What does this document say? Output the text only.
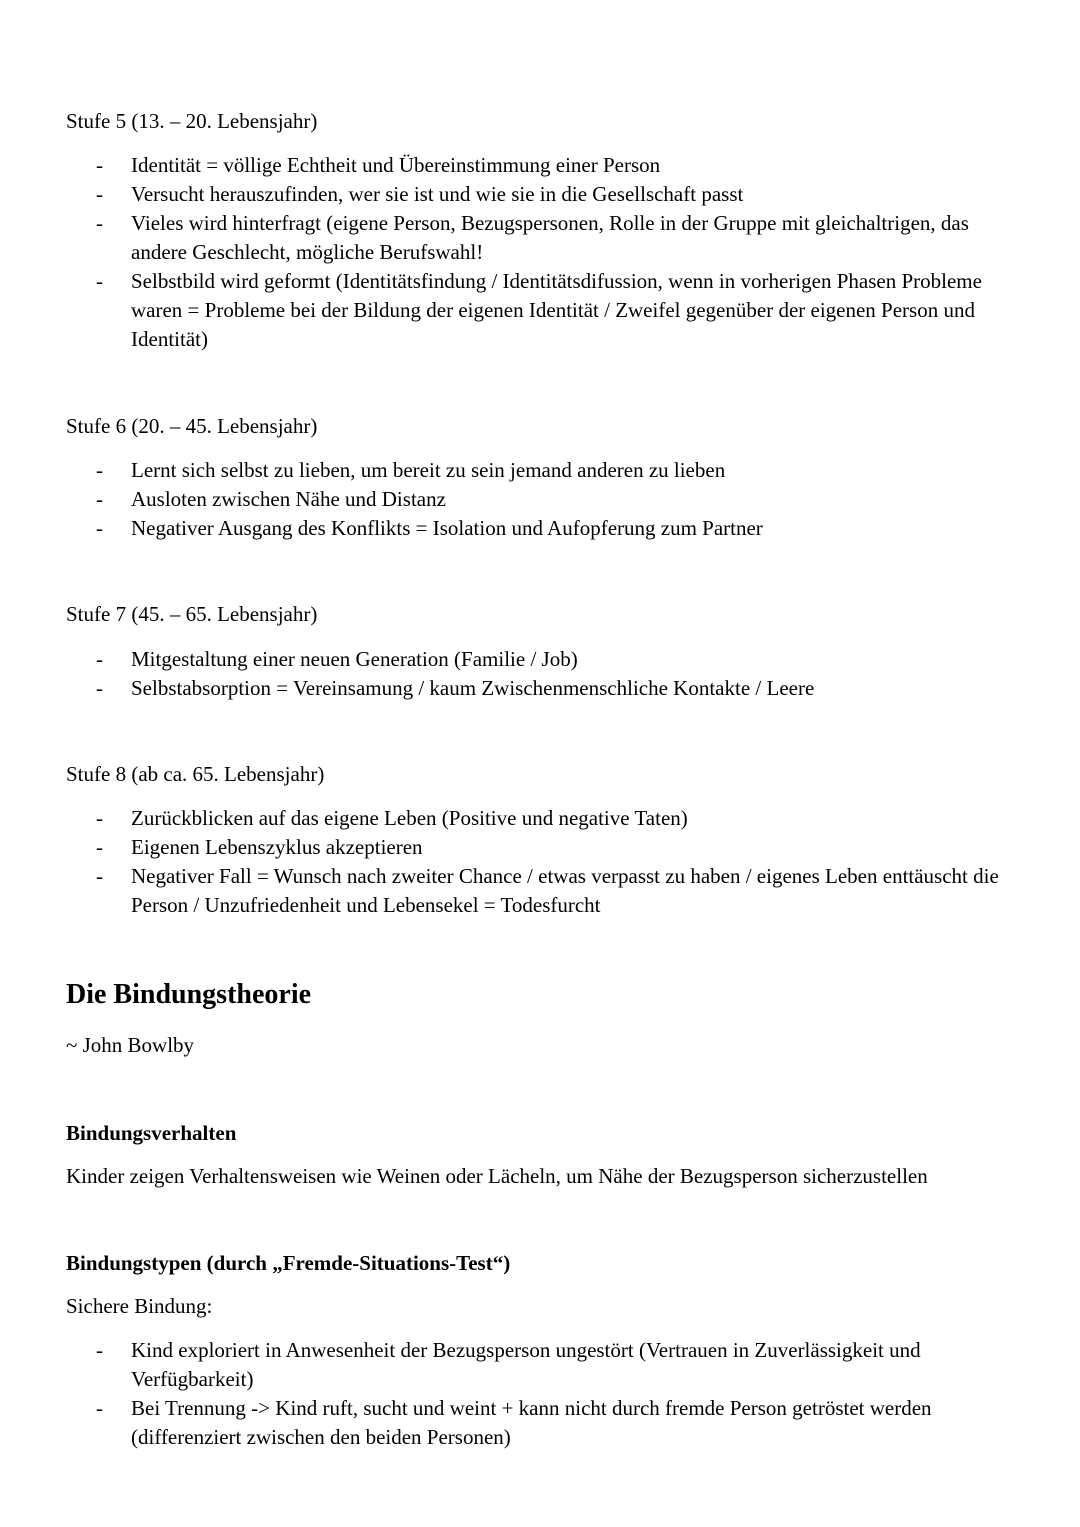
Stufe 5 (13. – 20. Lebensjahr)
- Identität = völlige Echtheit und Übereinstimmung einer Person
- Versucht herauszufinden, wer sie ist und wie sie in die Gesellschaft passt
- Vieles wird hinterfragt (eigene Person, Bezugspersonen, Rolle in der Gruppe mit gleichaltrigen, das andere Geschlecht, mögliche Berufswahl!
- Selbstbild wird geformt (Identitätsfindung / Identitätsdifussion, wenn in vorherigen Phasen Probleme waren = Probleme bei der Bildung der eigenen Identität / Zweifel gegenüber der eigenen Person und Identität)
Stufe 6 (20. – 45. Lebensjahr)
- Lernt sich selbst zu lieben, um bereit zu sein jemand anderen zu lieben
- Ausloten zwischen Nähe und Distanz
- Negativer Ausgang des Konflikts = Isolation und Aufopferung zum Partner
Stufe 7 (45. – 65. Lebensjahr)
- Mitgestaltung einer neuen Generation (Familie / Job)
- Selbstabsorption = Vereinsamung / kaum Zwischenmenschliche Kontakte / Leere
Stufe 8 (ab ca. 65. Lebensjahr)
- Zurückblicken auf das eigene Leben (Positive und negative Taten)
- Eigenen Lebenszyklus akzeptieren
- Negativer Fall = Wunsch nach zweiter Chance / etwas verpasst zu haben / eigenes Leben enttäuscht die Person / Unzufriedenheit und Lebensekel = Todesfurcht
Die Bindungstheorie
~ John Bowlby
Bindungsverhalten
Kinder zeigen Verhaltensweisen wie Weinen oder Lächeln, um Nähe der Bezugsperson sicherzustellen
Bindungstypen (durch „Fremde-Situations-Test“)
Sichere Bindung:
- Kind exploriert in Anwesenheit der Bezugsperson ungestört (Vertrauen in Zuverlässigkeit und Verfügbarkeit)
- Bei Trennung -> Kind ruft, sucht und weint + kann nicht durch fremde Person getröstet werden (differenziert zwischen den beiden Personen)
